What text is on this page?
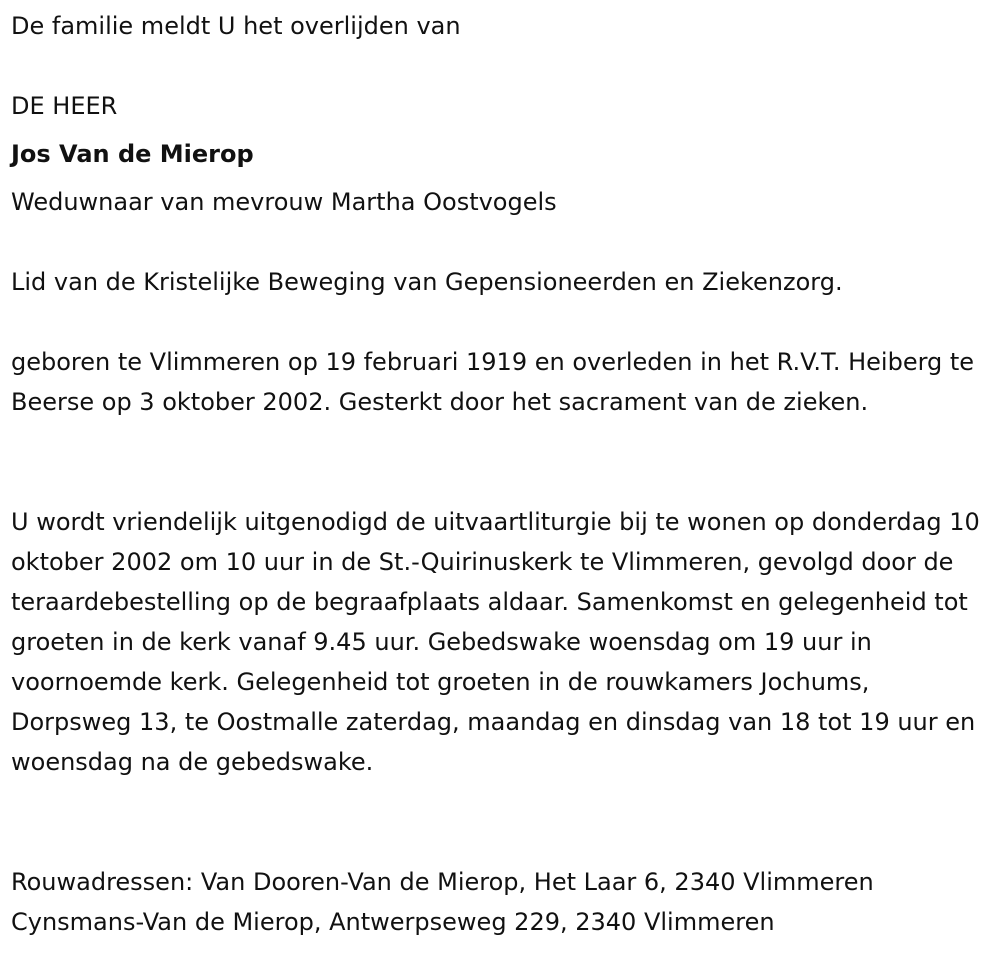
De familie meldt U het overlijden van

DE HEER

Jos Van de Mierop

Weduwnaar van mevrouw Martha Oostvogels

Lid van de Kristelijke Beweging van Gepensioneerden en Ziekenzorg.

geboren te Vlimmeren op 19 februari 1919 en overleden in het R.V.T. Heiberg te Beerse op 3 oktober 2002. Gesterkt door het sacrament van de zieken.

U wordt vriendelijk uitgenodigd de uitvaartliturgie bij te wonen op donderdag 10 oktober 2002 om 10 uur in de St.-Quirinuskerk te Vlimmeren, gevolgd door de teraardebestelling op de begraafplaats aldaar. Samenkomst en gelegenheid tot groeten in de kerk vanaf 9.45 uur. Gebedswake woensdag om 19 uur in voornoemde kerk. Gelegenheid tot groeten in de rouwkamers Jochums, Dorpsweg 13, te Oostmalle zaterdag, maandag en dinsdag van 18 tot 19 uur en woensdag na de gebedswake.

Rouwadressen: Van Dooren-Van de Mierop, Het Laar 6, 2340 Vlimmeren

Cynsmans-Van de Mierop, Antwerpseweg 229, 2340 Vlimmeren
